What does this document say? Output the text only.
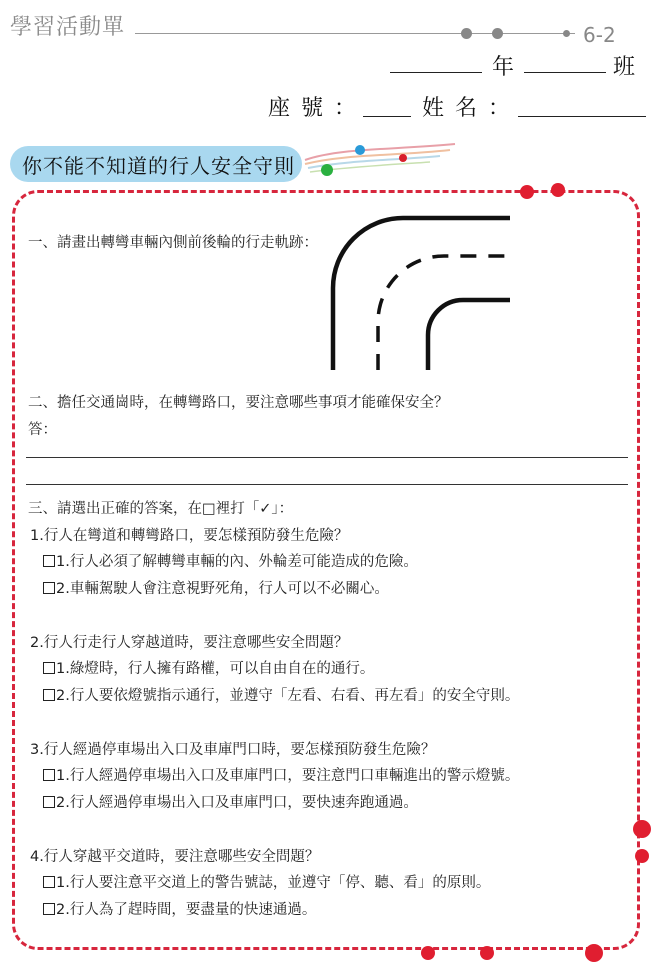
學習活動單	6-2
年	班
座 號 ：	姓 名 ：
你不能不知道的行人安全守則
一、請畫出轉彎車輛內側前後輪的行走軌跡：
二、擔任交通崗時，在轉彎路口，要注意哪些事項才能確保安全？
答：
三、請選出正確的答案，在□裡打「✓」：
1.行人在彎道和轉彎路口，要怎樣預防發生危險？
1.行人必須了解轉彎車輛的內、外輪差可能造成的危險。
2.車輛駕駛人會注意視野死角，行人可以不必關心。
2.行人行走行人穿越道時，要注意哪些安全問題？
1.綠燈時，行人擁有路權，可以自由自在的通行。
2.行人要依燈號指示通行，並遵守「左看、右看、再左看」的安全守則。
3.行人經過停車場出入口及車庫門口時，要怎樣預防發生危險？
1.行人經過停車場出入口及車庫門口，要注意門口車輛進出的警示燈號。
2.行人經過停車場出入口及車庫門口，要快速奔跑通過。
4.行人穿越平交道時，要注意哪些安全問題？
1.行人要注意平交道上的警告號誌，並遵守「停、聽、看」的原則。
2.行人為了趕時間，要盡量的快速通過。
